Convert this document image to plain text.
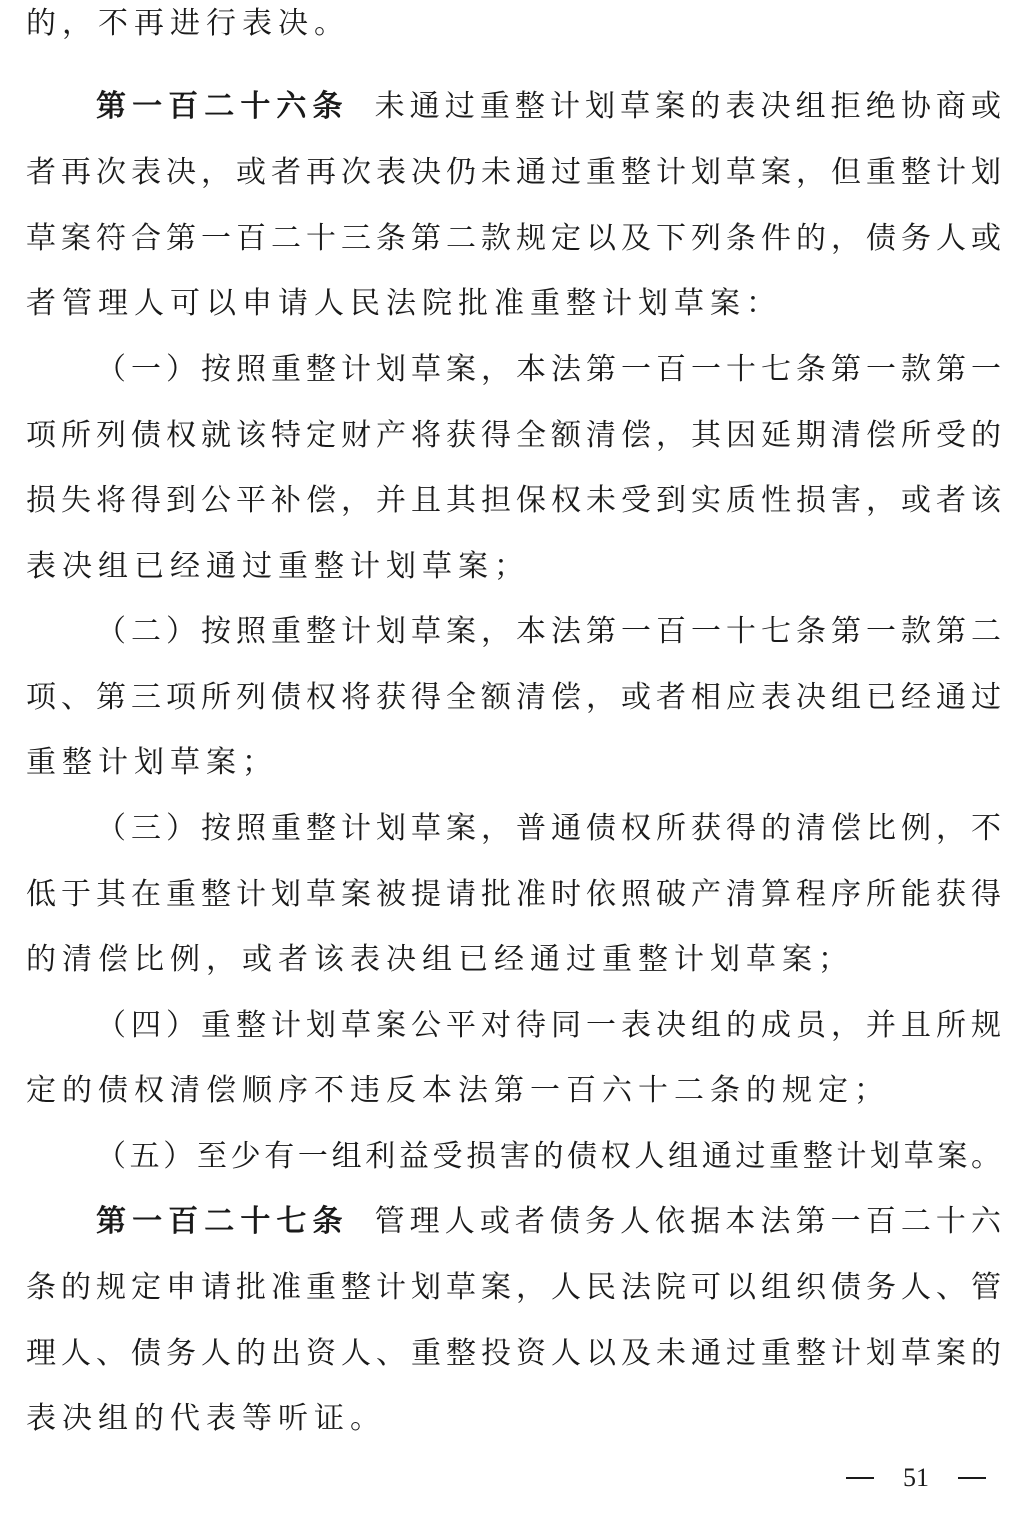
的，不再进行表决。
第一百二十六条 未通过重整计划草案的表决组拒绝协商或
者再次表决，或者再次表决仍未通过重整计划草案，但重整计划
草案符合第一百二十三条第二款规定以及下列条件的，债务人或
者管理人可以申请人民法院批准重整计划草案：
（一）按照重整计划草案，本法第一百一十七条第一款第一
项所列债权就该特定财产将获得全额清偿，其因延期清偿所受的
损失将得到公平补偿，并且其担保权未受到实质性损害，或者该
表决组已经通过重整计划草案；
（二）按照重整计划草案，本法第一百一十七条第一款第二
项、第三项所列债权将获得全额清偿，或者相应表决组已经通过
重整计划草案；
（三）按照重整计划草案，普通债权所获得的清偿比例，不
低于其在重整计划草案被提请批准时依照破产清算程序所能获得
的清偿比例，或者该表决组已经通过重整计划草案；
（四）重整计划草案公平对待同一表决组的成员，并且所规
定的债权清偿顺序不违反本法第一百六十二条的规定；
（五）至少有一组利益受损害的债权人组通过重整计划草案。
第一百二十七条 管理人或者债务人依据本法第一百二十六
条的规定申请批准重整计划草案，人民法院可以组织债务人、管
理人、债务人的出资人、重整投资人以及未通过重整计划草案的
表决组的代表等听证。
51
